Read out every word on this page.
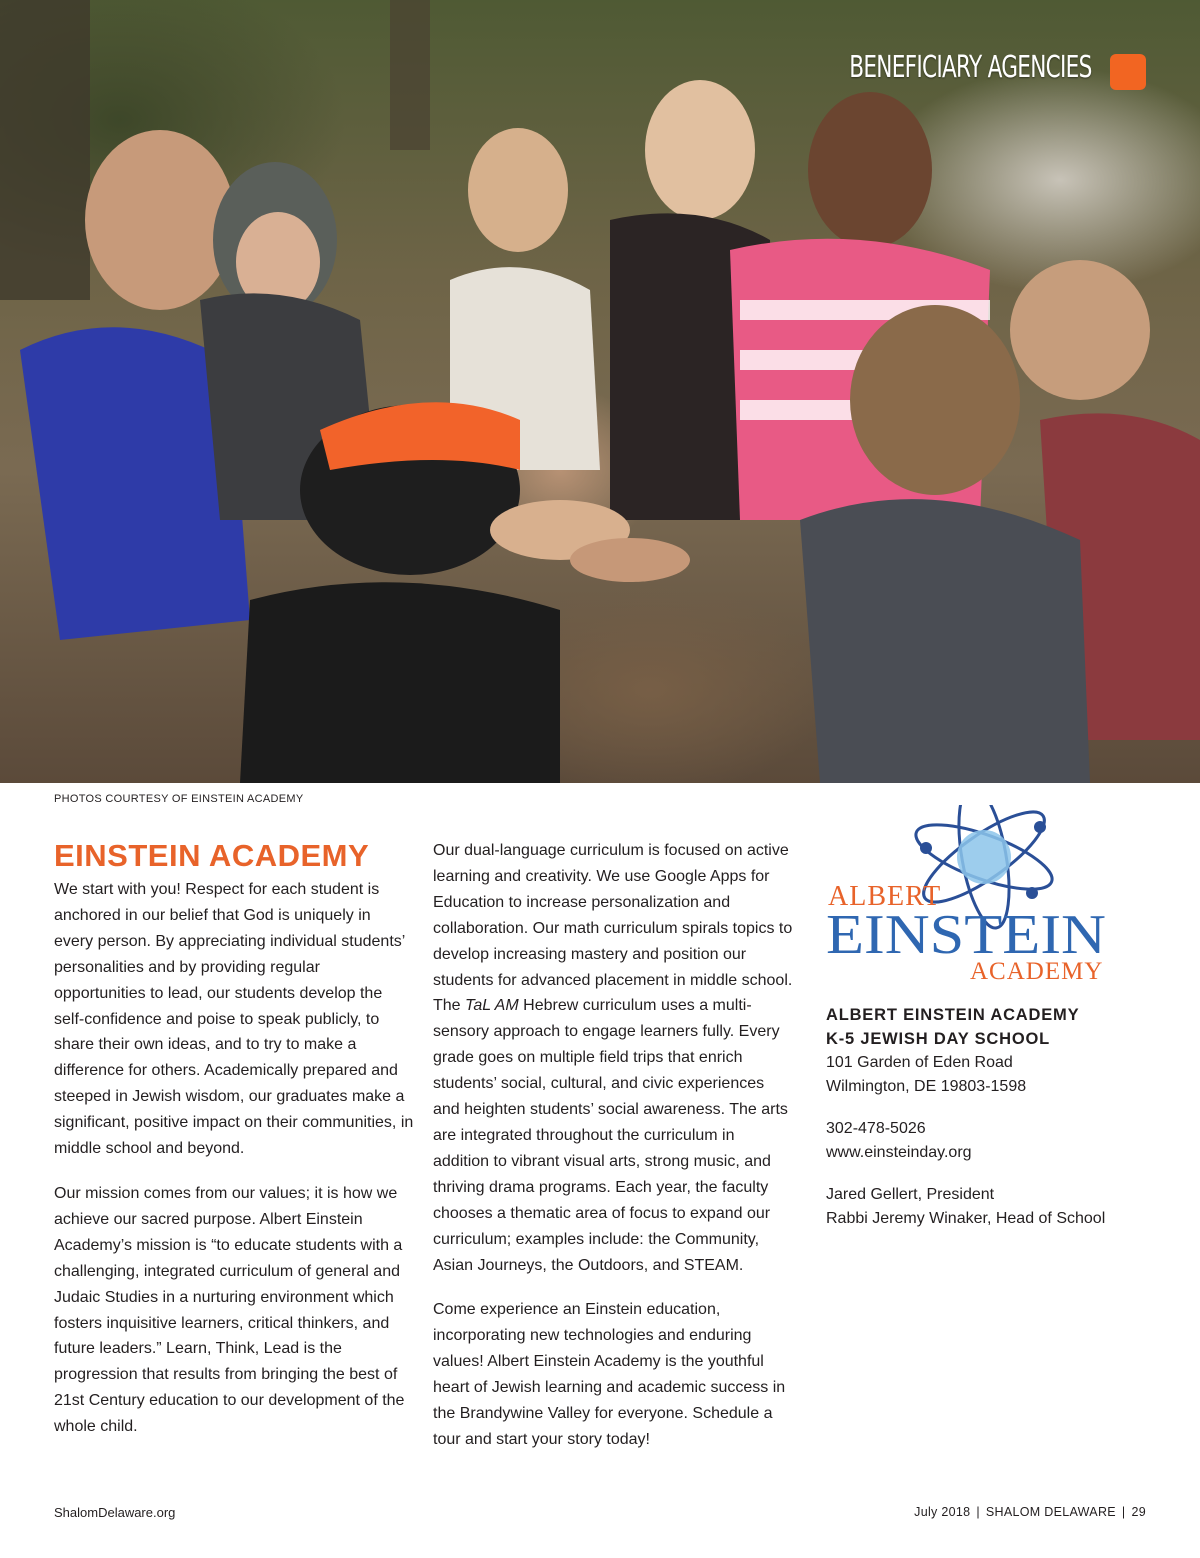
BENEFICIARY AGENCIES
PHOTOS COURTESY OF EINSTEIN ACADEMY
EINSTEIN ACADEMY

We start with you! Respect for each student is anchored in our belief that God is uniquely in every person. By appreciating individual students’ personalities and by providing regular opportunities to lead, our students develop the self-confidence and poise to speak publicly, to share their own ideas, and to try to make a difference for others. Academically prepared and steeped in Jewish wisdom, our graduates make a significant, positive impact on their communities, in middle school and beyond.

Our mission comes from our values; it is how we achieve our sacred purpose. Albert Einstein Academy’s mission is “to educate students with a challenging, integrated curriculum of general and Judaic Studies in a nurturing environment which fosters inquisitive learners, critical thinkers, and future leaders.” Learn, Think, Lead is the progression that results from bringing the best of 21st Century education to our development of the whole child.

Our dual-language curriculum is focused on active learning and creativity. We use Google Apps for Education to increase personalization and collaboration. Our math curriculum spirals topics to develop increasing mastery and position our students for advanced placement in middle school. The TaL AM Hebrew curriculum uses a multi-sensory approach to engage learners fully. Every grade goes on multiple field trips that enrich students’ social, cultural, and civic experiences and heighten students’ social awareness. The arts are integrated throughout the curriculum in addition to vibrant visual arts, strong music, and thriving drama programs. Each year, the faculty chooses a thematic area of focus to expand our curriculum; examples include: the Community, Asian Journeys, the Outdoors, and STEAM.

Come experience an Einstein education, incorporating new technologies and enduring values! Albert Einstein Academy is the youthful heart of Jewish learning and academic success in the Brandywine Valley for everyone. Schedule a tour and start your story today!

ALBERT
EINSTEIN
ACADEMY
ALBERT EINSTEIN ACADEMY
K-5 JEWISH DAY SCHOOL
101 Garden of Eden Road
Wilmington, DE 19803-1598
302-478-5026
www.einsteinday.org
Jared Gellert, President
Rabbi Jeremy Winaker, Head of School
ShalomDelaware.org	July 2018 | SHALOM DELAWARE | 29
